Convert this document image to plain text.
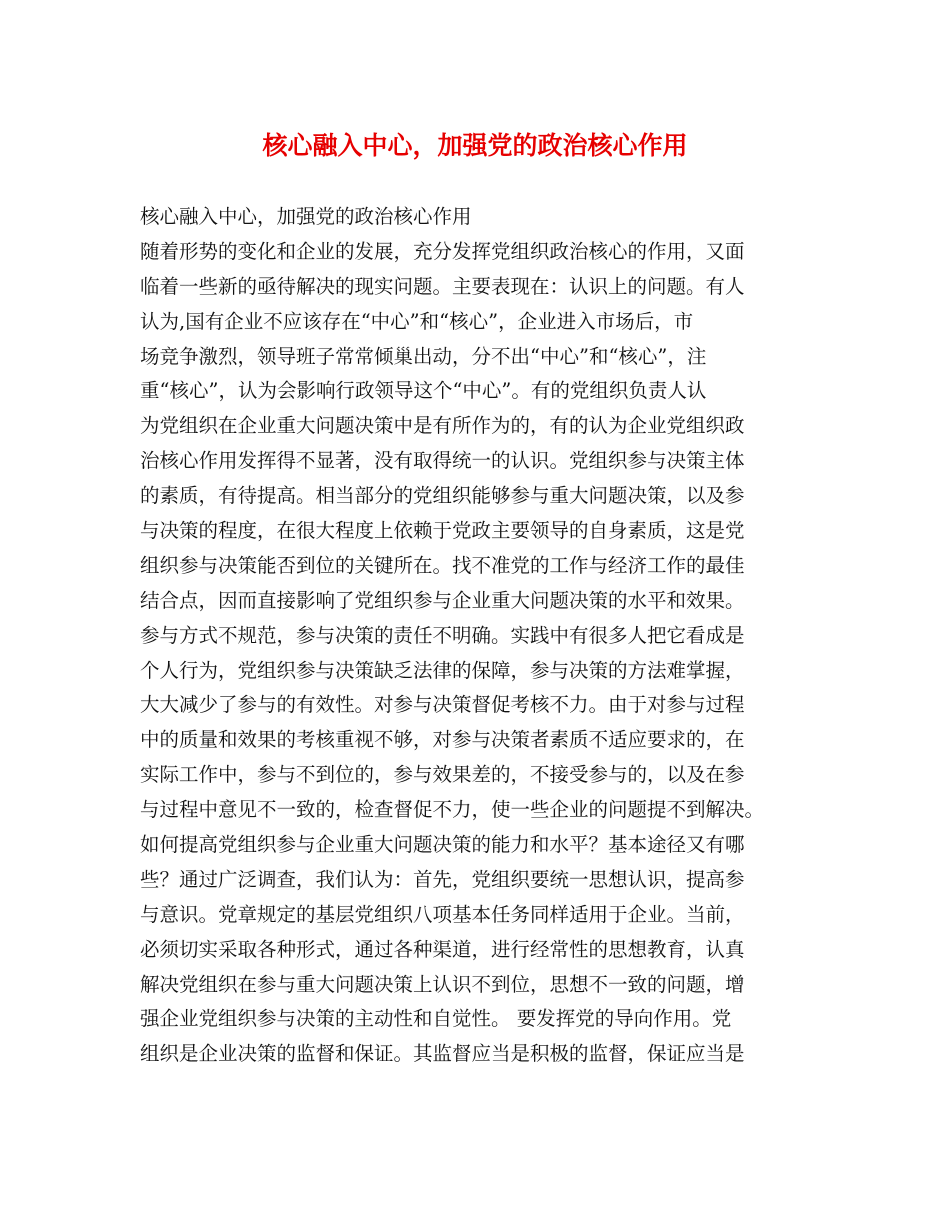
核心融入中心，加强党的政治核心作用
核心融入中心，加强党的政治核心作用
随着形势的变化和企业的发展，充分发挥党组织政治核心的作用，又面
临着一些新的亟待解决的现实问题。主要表现在：认识上的问题。有人
认为,国有企业不应该存在“中心”和“核心”，企业进入市场后，市
场竞争激烈，领导班子常常倾巢出动，分不出“中心”和“核心”，注
重“核心”，认为会影响行政领导这个“中心”。有的党组织负责人认
为党组织在企业重大问题决策中是有所作为的，有的认为企业党组织政
治核心作用发挥得不显著，没有取得统一的认识。党组织参与决策主体
的素质，有待提高。相当部分的党组织能够参与重大问题决策，以及参
与决策的程度，在很大程度上依赖于党政主要领导的自身素质，这是党
组织参与决策能否到位的关键所在。找不准党的工作与经济工作的最佳
结合点，因而直接影响了党组织参与企业重大问题决策的水平和效果。
参与方式不规范，参与决策的责任不明确。实践中有很多人把它看成是
个人行为，党组织参与决策缺乏法律的保障，参与决策的方法难掌握，
大大减少了参与的有效性。对参与决策督促考核不力。由于对参与过程
中的质量和效果的考核重视不够，对参与决策者素质不适应要求的，在
实际工作中，参与不到位的，参与效果差的，不接受参与的，以及在参
与过程中意见不一致的，检查督促不力，使一些企业的问题提不到解决。
如何提高党组织参与企业重大问题决策的能力和水平？基本途径又有哪
些？通过广泛调查，我们认为：首先，党组织要统一思想认识，提高参
与意识。党章规定的基层党组织八项基本任务同样适用于企业。当前，
必须切实采取各种形式，通过各种渠道，进行经常性的思想教育，认真
解决党组织在参与重大问题决策上认识不到位，思想不一致的问题，增
强企业党组织参与决策的主动性和自觉性。 要发挥党的导向作用。党
组织是企业决策的监督和保证。其监督应当是积极的监督，保证应当是
